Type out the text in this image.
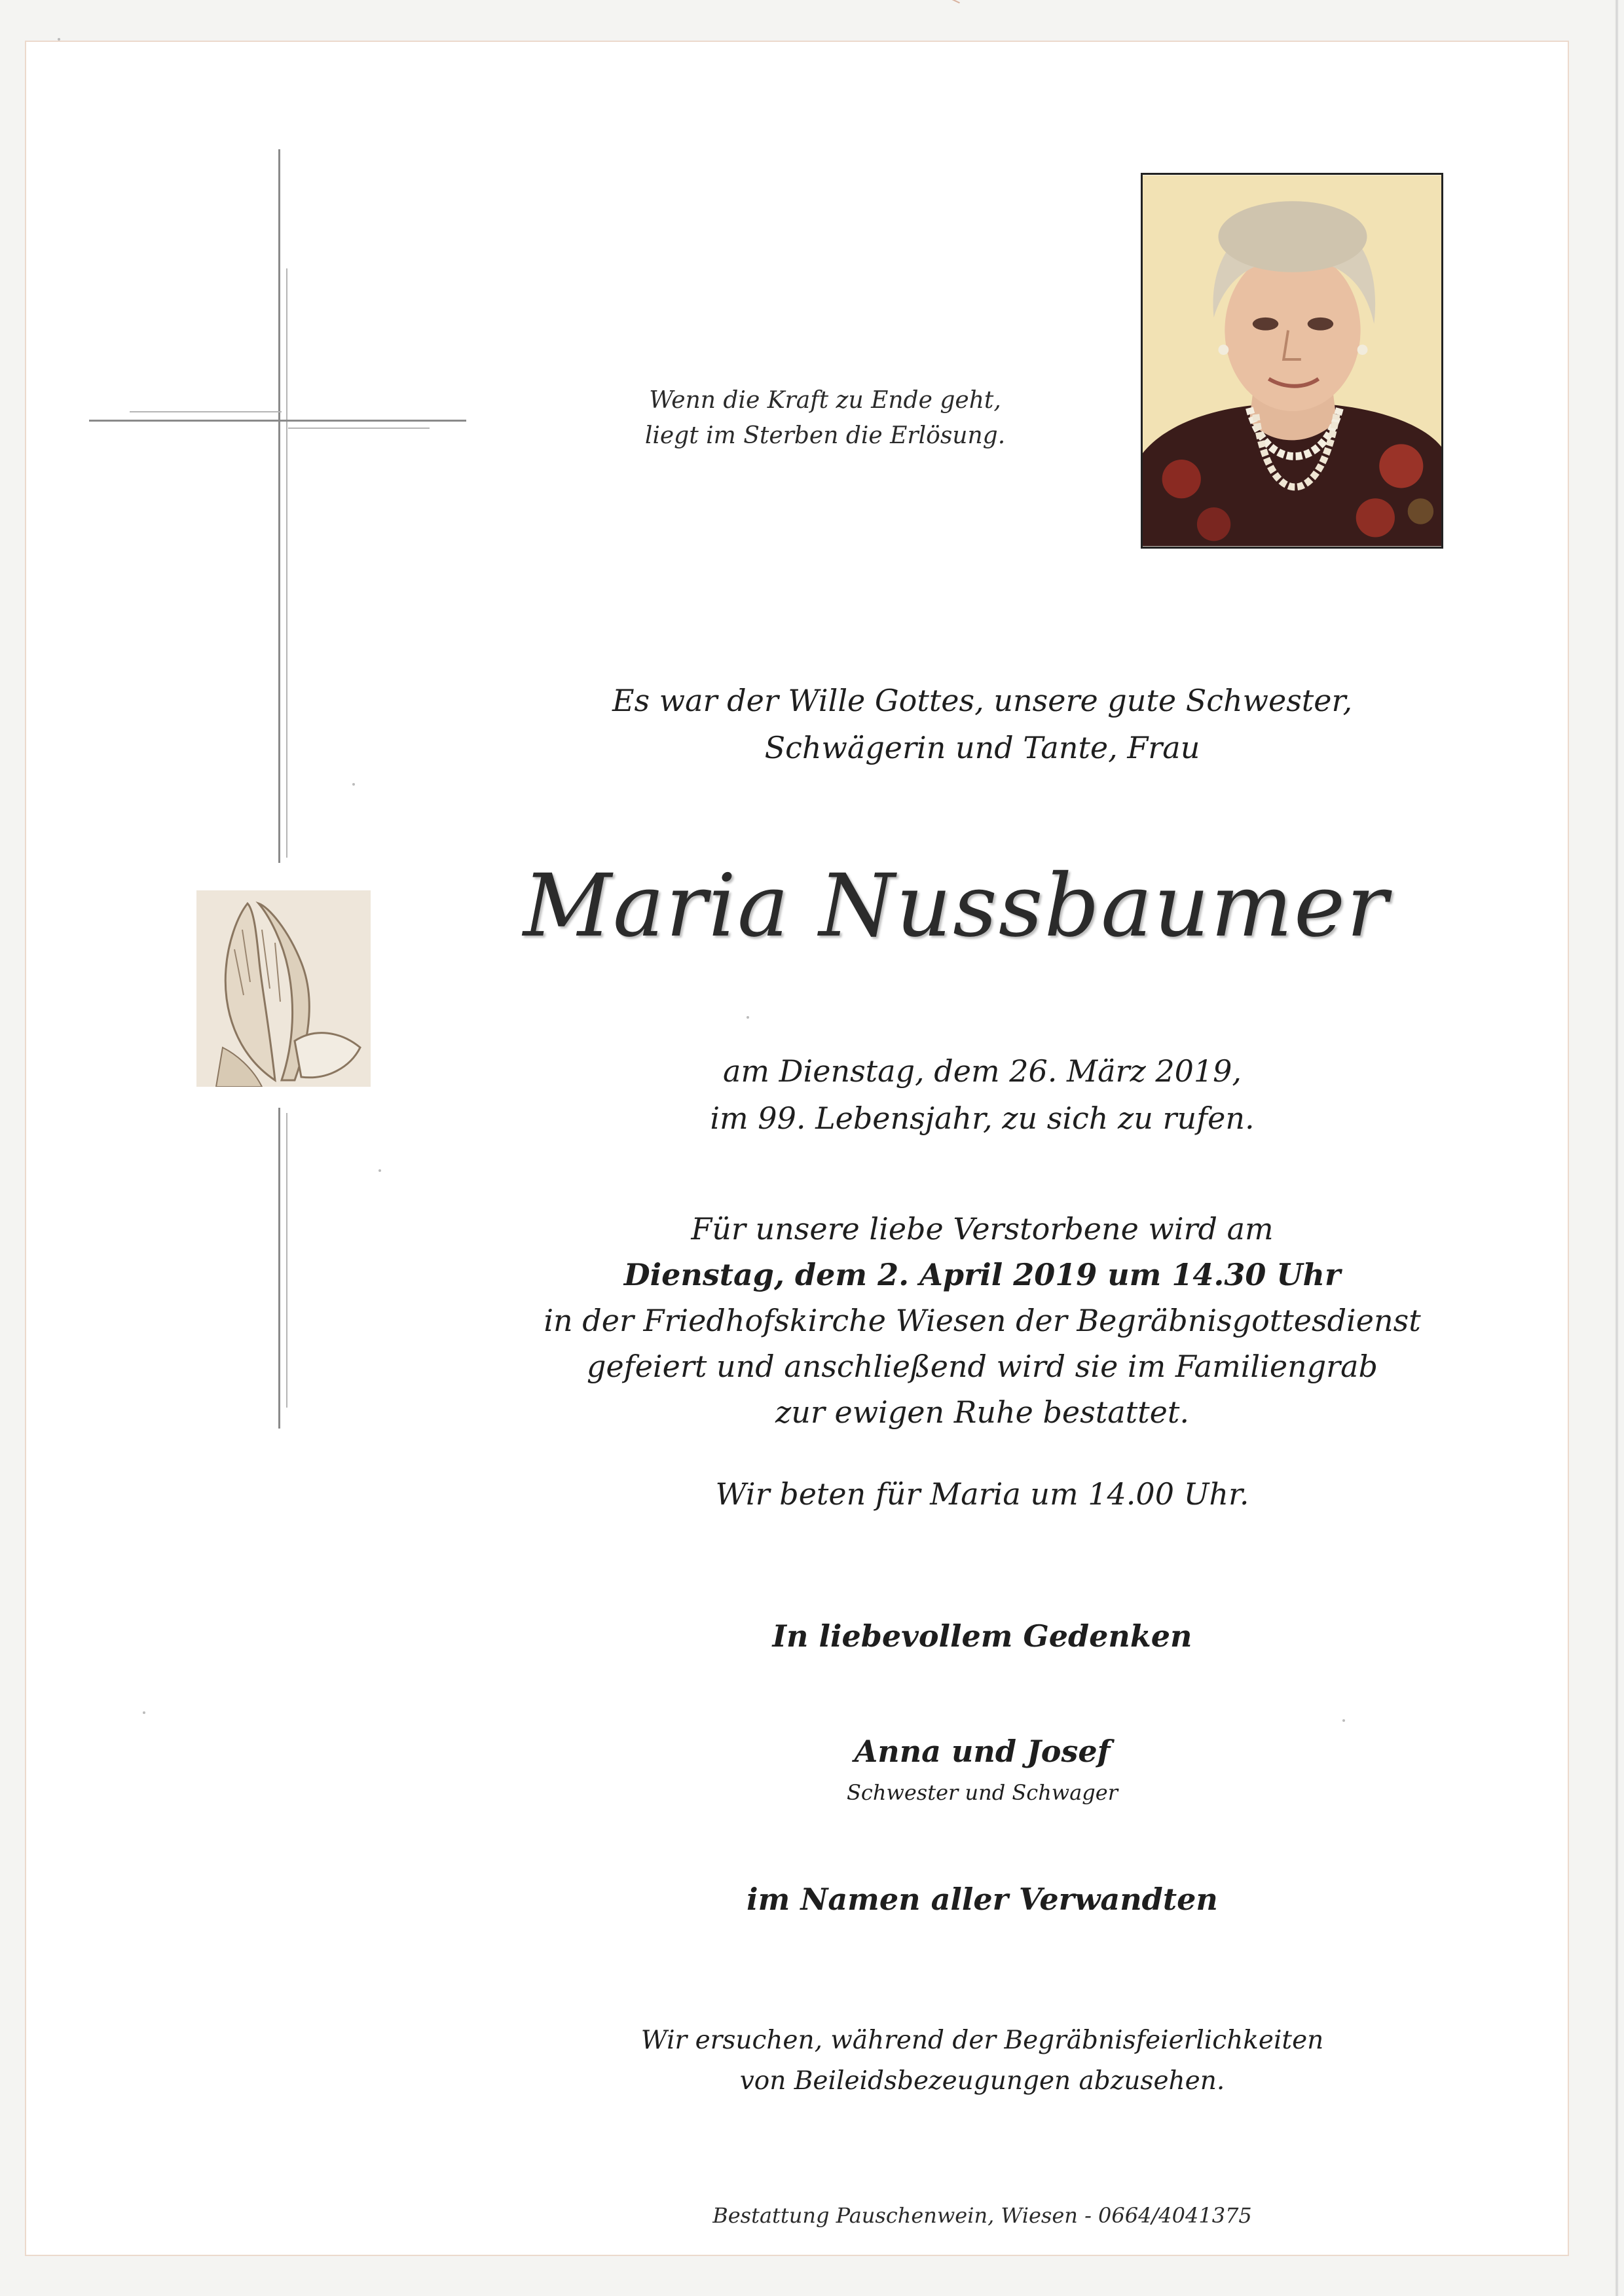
Wenn die Kraft zu Ende geht,
liegt im Sterben die Erlösung.
Es war der Wille Gottes, unsere gute Schwester,
Schwägerin und Tante, Frau
Maria Nussbaumer
am Dienstag, dem 26. März 2019,
im 99. Lebensjahr, zu sich zu rufen.
Für unsere liebe Verstorbene wird am
Dienstag, dem 2. April 2019 um 14.30 Uhr
in der Friedhofskirche Wiesen der Begräbnisgottesdienst
gefeiert und anschließend wird sie im Familiengrab
zur ewigen Ruhe bestattet.
Wir beten für Maria um 14.00 Uhr.
In liebevollem Gedenken
Anna und Josef
Schwester und Schwager
im Namen aller Verwandten
Wir ersuchen, während der Begräbnisfeierlichkeiten
von Beileidsbezeugungen abzusehen.
Bestattung Pauschenwein, Wiesen - 0664/4041375
